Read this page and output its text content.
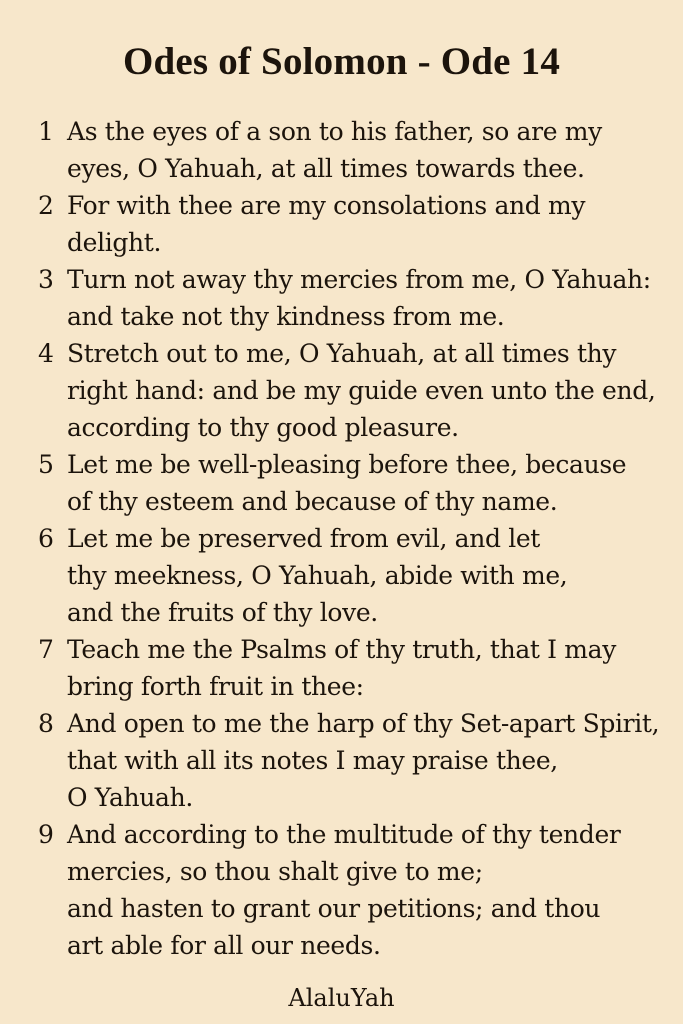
Odes of Solomon - Ode 14
1 As the eyes of a son to his father, so are my
eyes, O Yahuah, at all times towards thee.
2 For with thee are my consolations and my
delight.
3 Turn not away thy mercies from me, O Yahuah:
and take not thy kindness from me.
4 Stretch out to me, O Yahuah, at all times thy
right hand: and be my guide even unto the end,
according to thy good pleasure.
5 Let me be well-pleasing before thee, because
of thy esteem and because of thy name.
6 Let me be preserved from evil, and let
thy meekness, O Yahuah, abide with me,
and the fruits of thy love.
7 Teach me the Psalms of thy truth, that I may
bring forth fruit in thee:
8 And open to me the harp of thy Set-apart Spirit,
that with all its notes I may praise thee,
O Yahuah.
9 And according to the multitude of thy tender
mercies, so thou shalt give to me;
and hasten to grant our petitions; and thou
art able for all our needs.
AlaluYah
